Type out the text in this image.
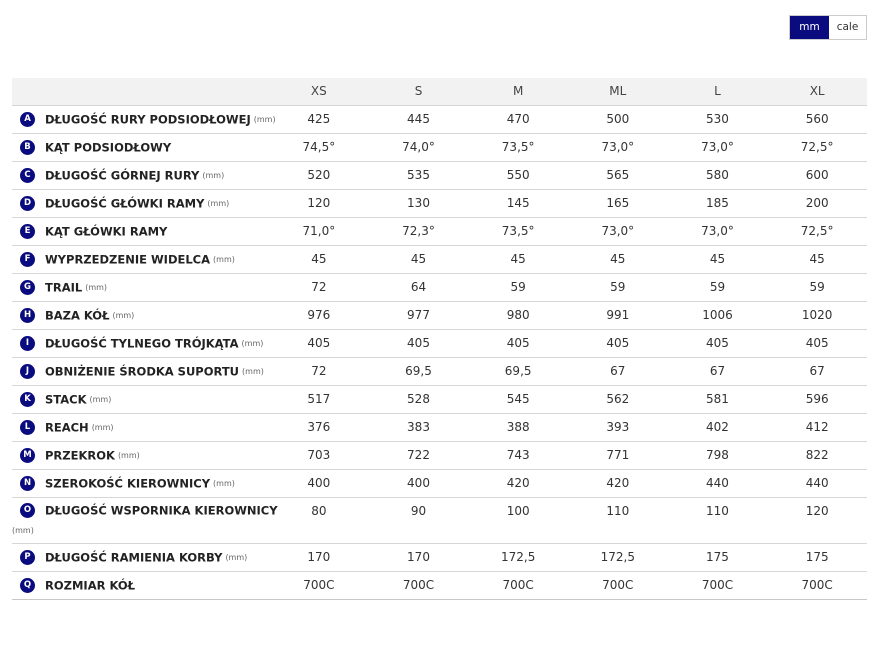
mm	cale
	XS	S	M	ML	L	XL
A DŁUGOŚĆ RURY PODSIODŁOWEJ (mm)	425	445	470	500	530	560
B KĄT PODSIODŁOWY	74,5°	74,0°	73,5°	73,0°	73,0°	72,5°
C DŁUGOŚĆ GÓRNEJ RURY (mm)	520	535	550	565	580	600
D DŁUGOŚĆ GŁÓWKI RAMY (mm)	120	130	145	165	185	200
E KĄT GŁÓWKI RAMY	71,0°	72,3°	73,5°	73,0°	73,0°	72,5°
F WYPRZEDZENIE WIDELCA (mm)	45	45	45	45	45	45
G TRAIL (mm)	72	64	59	59	59	59
H BAZA KÓŁ (mm)	976	977	980	991	1006	1020
I DŁUGOŚĆ TYLNEGO TRÓJKĄTA (mm)	405	405	405	405	405	405
J OBNIŻENIE ŚRODKA SUPORTU (mm)	72	69,5	69,5	67	67	67
K STACK (mm)	517	528	545	562	581	596
L REACH (mm)	376	383	388	393	402	412
M PRZEKROK (mm)	703	722	743	771	798	822
N SZEROKOŚĆ KIEROWNICY (mm)	400	400	420	420	440	440
O DŁUGOŚĆ WSPORNIKA KIEROWNICY
(mm)	80	90	100	110	110	120
P DŁUGOŚĆ RAMIENIA KORBY (mm)	170	170	172,5	172,5	175	175
Q ROZMIAR KÓŁ	700C	700C	700C	700C	700C	700C
